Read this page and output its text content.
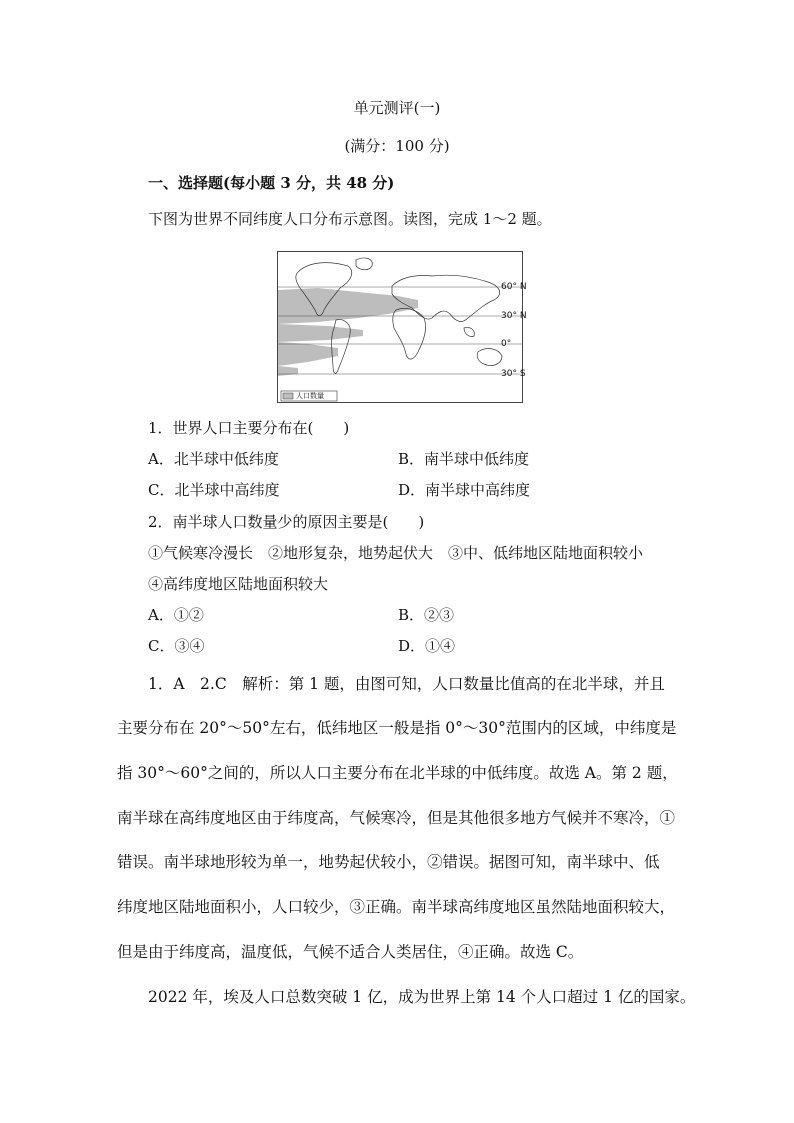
单元测评(一)
(满分：100 分)
一、选择题(每小题 3 分，共 48 分)
下图为世界不同纬度人口分布示意图。读图，完成 1～2 题。
人口数量
60° N
30° N
0°
30° S
1．世界人口主要分布在(　　)
A．北半球中低纬度	B．南半球中低纬度
C．北半球中高纬度	D．南半球中高纬度
2．南半球人口数量少的原因主要是(　　)
①气候寒冷漫长　②地形复杂，地势起伏大　③中、低纬地区陆地面积较小
④高纬度地区陆地面积较大
A．①②	B．②③
C．③④	D．①④
1．A　2.C　解析：第 1 题，由图可知，人口数量比值高的在北半球，并且
主要分布在 20°～50°左右，低纬地区一般是指 0°～30°范围内的区域，中纬度是
指 30°～60°之间的，所以人口主要分布在北半球的中低纬度。故选 A。第 2 题，
南半球在高纬度地区由于纬度高，气候寒冷，但是其他很多地方气候并不寒冷，①
错误。南半球地形较为单一，地势起伏较小，②错误。据图可知，南半球中、低
纬度地区陆地面积小，人口较少，③正确。南半球高纬度地区虽然陆地面积较大，
但是由于纬度高，温度低，气候不适合人类居住，④正确。故选 C。
2022 年，埃及人口总数突破 1 亿，成为世界上第 14 个人口超过 1 亿的国家。
